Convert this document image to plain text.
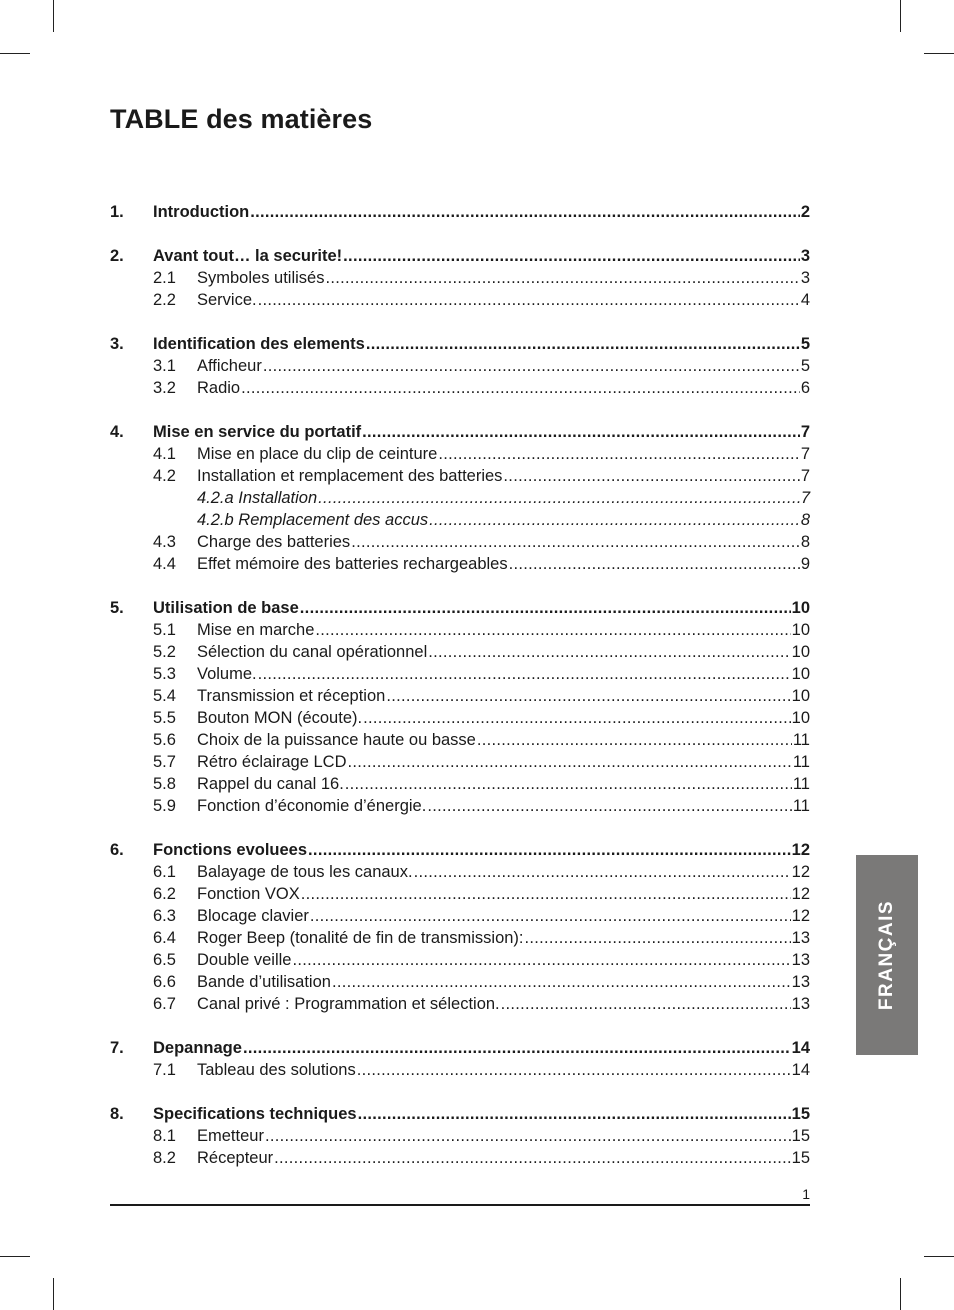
TABLE des matières
1. Introduction .....	2
2. Avant tout… la securite! .....	3
2.1 Symboles utilisés .....	3
2.2 Service. .....	4
3. Identification des elements .....	5
3.1 Afficheur .....	5
3.2 Radio .....	6
4. Mise en service du portatif .....	7
4.1 Mise en place du clip de ceinture .....	7
4.2 Installation et remplacement des batteries .....	7
4.2.a Installation .....	7
4.2.b Remplacement des accus .....	8
4.3 Charge des batteries .....	8
4.4 Effet mémoire des batteries rechargeables .....	9
5. Utilisation de base .....	10
5.1 Mise en marche .....	10
5.2 Sélection du canal opérationnel .....	10
5.3 Volume. .....	10
5.4 Transmission et réception .....	10
5.5 Bouton MON (écoute). .....	10
5.6 Choix de la puissance haute ou basse .....	11
5.7 Rétro éclairage LCD .....	11
5.8 Rappel du canal 16. .....	11
5.9 Fonction d’économie d’énergie. .....	11
6. Fonctions evoluees .....	12
6.1 Balayage de tous les canaux. .....	12
6.2 Fonction VOX .....	12
6.3 Blocage clavier .....	12
6.4 Roger Beep (tonalité de fin de transmission): .....	13
6.5 Double veille .....	13
6.6 Bande d’utilisation .....	13
6.7 Canal privé : Programmation et sélection. .....	13
7. Depannage .....	14
7.1 Tableau des solutions .....	14
8. Specifications techniques .....	15
8.1 Emetteur .....	15
8.2 Récepteur .....	15
1
FRANÇAIS
